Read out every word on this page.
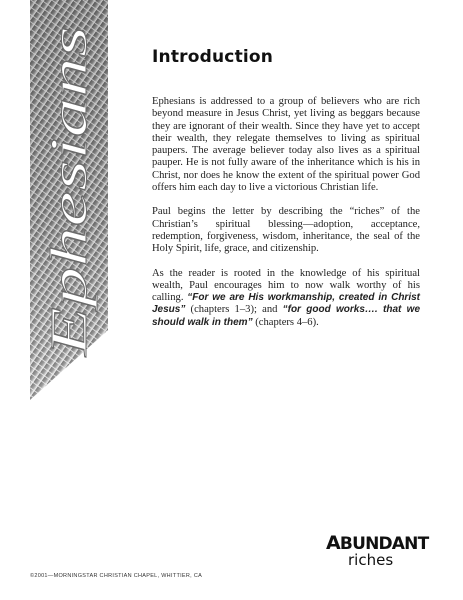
Ephesians
Introduction

Ephesians is addressed to a group of believers who are rich beyond measure in Jesus Christ, yet living as beggars because they are ignorant of their wealth. Since they have yet to accept their wealth, they relegate themselves to living as spiritual paupers. The average believer today also lives as a spiritual pauper. He is not fully aware of the inheritance which is his in Christ, nor does he know the extent of the spiritual power God offers him each day to live a victorious Christian life.

Paul begins the letter by describing the “riches” of the Christian’s spiritual blessing—adoption, acceptance, redemption, forgiveness, wisdom, inheritance, the seal of the Holy Spirit, life, grace, and citizenship.

As the reader is rooted in the knowledge of his spiritual wealth, Paul encourages him to now walk worthy of his calling. “For we are His workmanship, created in Christ Jesus” (chapters 1–3); and “for good works…. that we should walk in them” (chapters 4–6).

ABUNDANT
riches
©2001—MORNINGSTAR CHRISTIAN CHAPEL, WHITTIER, CA
